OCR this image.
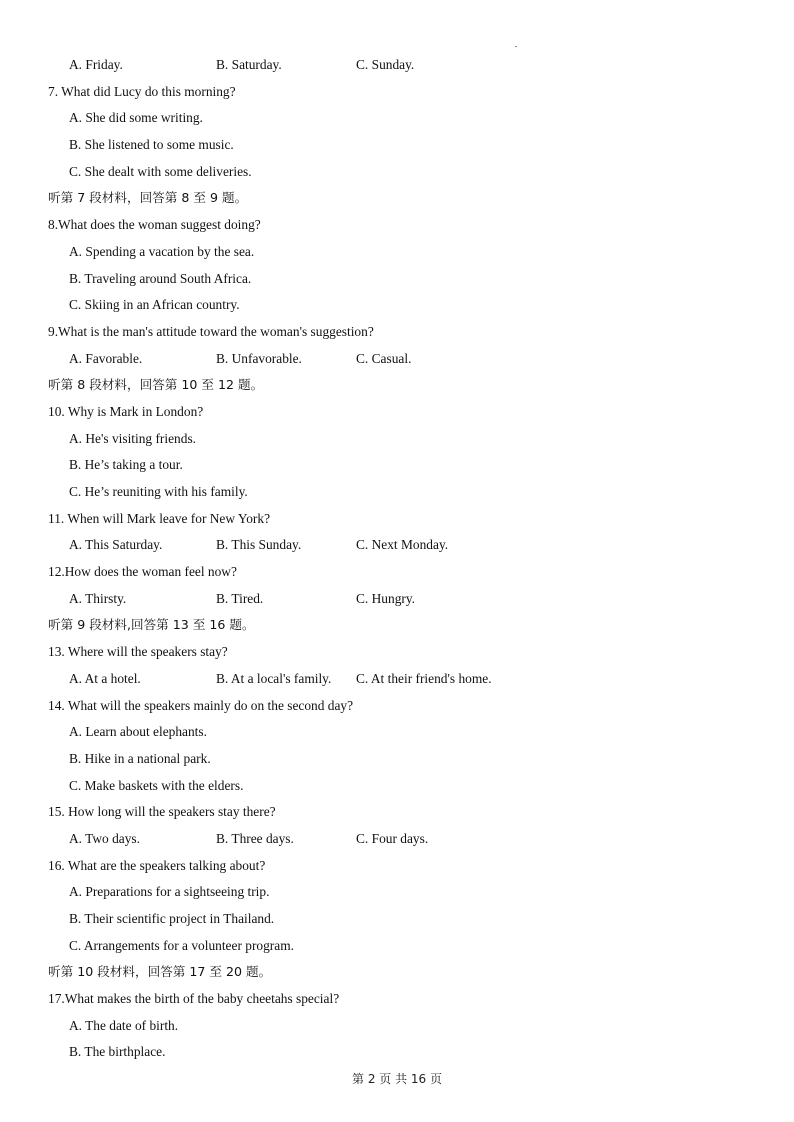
A. Friday.	B. Saturday.	C. Sunday.
7. What did Lucy do this morning?
A. She did some writing.
B. She listened to some music.
C. She dealt with some deliveries.
听第 7 段材料，回答第 8 至 9 题。
8.What does the woman suggest doing?
A. Spending a vacation by the sea.
B. Traveling around South Africa.
C. Skiing in an African country.
9.What is the man's attitude toward the woman's suggestion?
A. Favorable.	B. Unfavorable.	C. Casual.
听第 8 段材料，回答第 10 至 12 题。
10. Why is Mark in London?
A. He's visiting friends.
B. He’s taking a tour.
C. He’s reuniting with his family.
11. When will Mark leave for New York?
A. This Saturday.	B. This Sunday.	C. Next Monday.
12.How does the woman feel now?
A. Thirsty.	B. Tired.	C. Hungry.
听第 9 段材料,回答第 13 至 16 题。
13. Where will the speakers stay?
A. At a hotel.	B. At a local's family. C. At their friend's home.
14. What will the speakers mainly do on the second day?
A. Learn about elephants.
B. Hike in a national park.
C. Make baskets with the elders.
15. How long will the speakers stay there?
A. Two days.	B. Three days.	C. Four days.
16. What are the speakers talking about?
A. Preparations for a sightseeing trip.
B. Their scientific project in Thailand.
C. Arrangements for a volunteer program.
听第 10 段材料，回答第 17 至 20 题。
17.What makes the birth of the baby cheetahs special?
A. The date of birth.
B. The birthplace.
第 2 页 共 16 页
